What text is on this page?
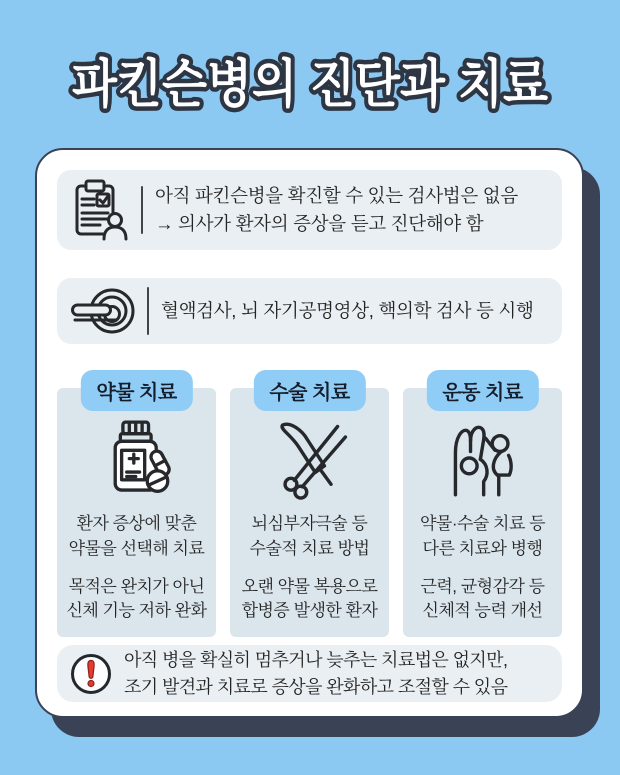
파킨슨병의 진단과 치료
아직 파킨슨병을 확진할 수 있는 검사법은 없음
→ 의사가 환자의 증상을 듣고 진단해야 함
혈액검사, 뇌 자기공명영상, 핵의학 검사 등 시행
약물 치료
환자 증상에 맞춘
약물을 선택해 치료
목적은 완치가 아닌
신체 기능 저하 완화
수술 치료
뇌심부자극술 등
수술적 치료 방법
오랜 약물 복용으로
합병증 발생한 환자
운동 치료
약물·수술 치료 등
다른 치료와 병행
근력, 균형감각 등
신체적 능력 개선
아직 병을 확실히 멈추거나 늦추는 치료법은 없지만,
조기 발견과 치료로 증상을 완화하고 조절할 수 있음
